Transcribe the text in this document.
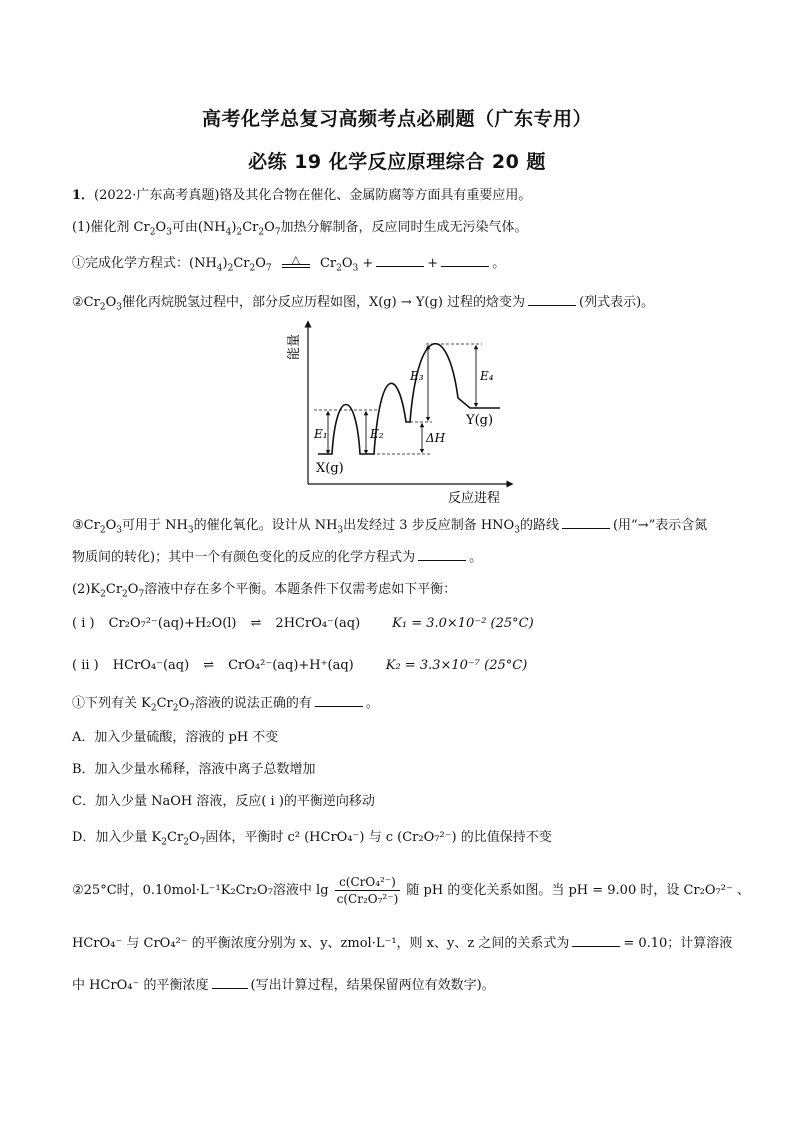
高考化学总复习高频考点必刷题（广东专用）
必练 19 化学反应原理综合 20 题
1．(2022·广东高考真题)铬及其化合物在催化、金属防腐等方面具有重要应用。
(1)催化剂 $Cr_2O_3$可由$(NH_4)_2Cr_2O_7$加热分解制备，反应同时生成无污染气体。
①完成化学方程式：$(NH_4)_2Cr_2O_7$
△	$Cr_2O_3$ +	+	。
$②Cr_2O_3$催化丙烷脱氢过程中，部分反应历程如图，X(g) → Y(g) 过程的焓变为	(列式表示)。
能量
反应进程
E₁	E₂	ΔH
E₃	E₄
X(g)
Y(g)
$③Cr_2O_3$可用于 $NH_3$的催化氧化。设计从 $NH_3$出发经过 3 步反应制备 $HNO_3$的路线	(用“→”表示含氮
物质间的转化)；其中一个有颜色变化的反应的化学方程式为	。
$(2)K_2Cr_2O_7$溶液中存在多个平衡。本题条件下仅需考虑如下平衡：
( i ) Cr₂O₇²⁻(aq)+H₂O(l) ⇌ 2HCrO₄⁻(aq) K₁ = 3.0×10⁻² (25°C)
( ii ) HCrO₄⁻(aq) ⇌ CrO₄²⁻(aq)+H⁺(aq) K₂ = 3.3×10⁻⁷ (25°C)
①下列有关 $K_2Cr_2O_7$溶液的说法正确的有	。
A．加入少量硫酸，溶液的 pH 不变
B．加入少量水稀释，溶液中离子总数增加
C．加入少量 NaOH 溶液，反应( i )的平衡逆向移动
D．加入少量 $K_2Cr_2O_7$固体，平衡时 c² (HCrO₄⁻) 与 c (Cr₂O₇²⁻) 的比值保持不变
②25°C时，0.10mol·L⁻¹K₂Cr₂O₇溶液中 $\lg \frac{\text{c(CrO₄²⁻)}}{\text{c(Cr₂O₇²⁻)}}$ 随 pH 的变化关系如图。当 pH = 9.00 时，设 Cr₂O₇²⁻ 、
HCrO₄⁻ 与 CrO₄²⁻ 的平衡浓度分别为 x、y、zmol·L⁻¹，则 x、y、z 之间的关系式为	= 0.10；计算溶液
中 HCrO₄⁻ 的平衡浓度	(写出计算过程，结果保留两位有效数字)。
